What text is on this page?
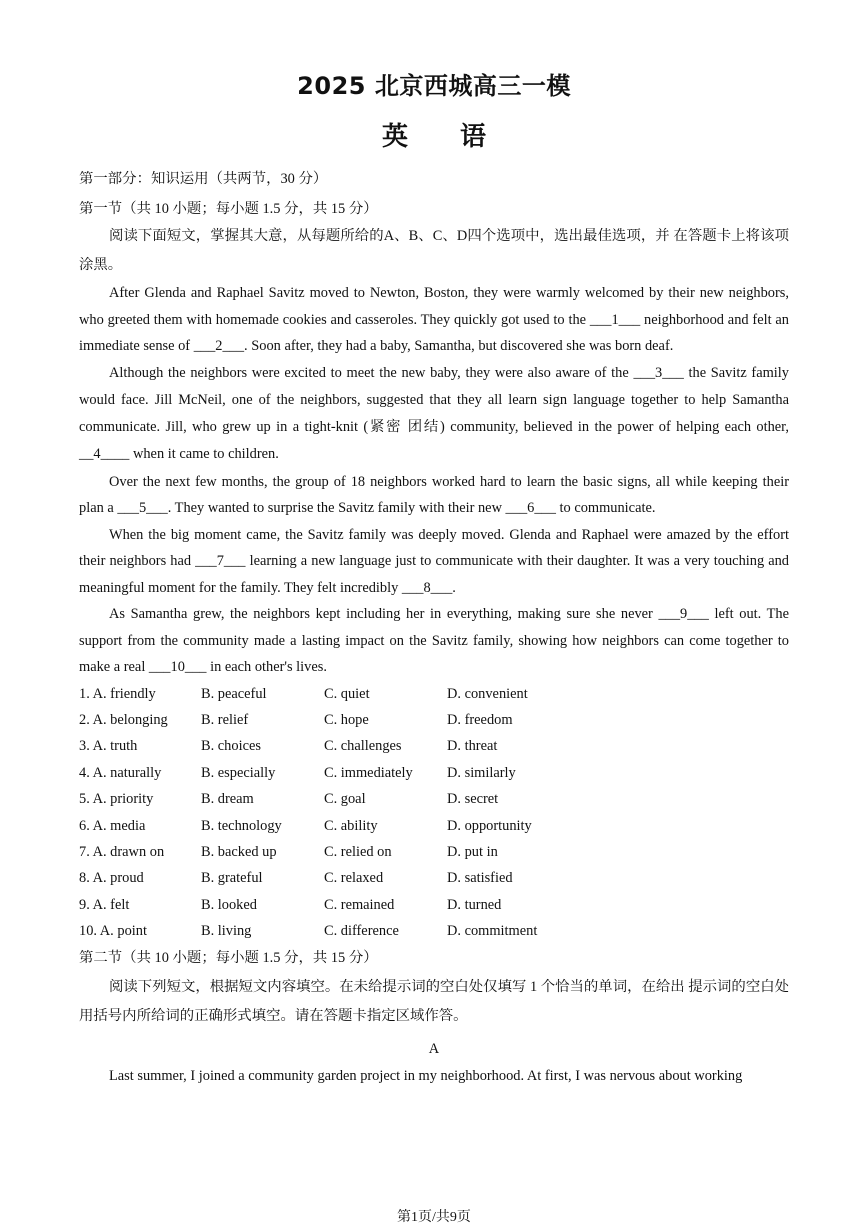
2025 北京西城高三一模
英语

第一部分：知识运用（共两节，30 分）

第一节（共 10 小题；每小题 1.5 分，共 15 分）

阅读下面短文，掌握其大意，从每题所给的A、B、C、D四个选项中，选出最佳选项，并 在答题卡上将该项涂黑。

After Glenda and Raphael Savitz moved to Newton, Boston, they were warmly welcomed by their new neighbors, who greeted them with homemade cookies and casseroles. They quickly got used to the ___1___ neighborhood and felt an immediate sense of ___2___. Soon after, they had a baby, Samantha, but discovered she was born deaf.

Although the neighbors were excited to meet the new baby, they were also aware of the ___3___ the Savitz family would face. Jill McNeil, one of the neighbors, suggested that they all learn sign language together to help Samantha communicate. Jill, who grew up in a tight-knit (紧密 团结) community, believed in the power of helping each other, __4____ when it came to children.

Over the next few months, the group of 18 neighbors worked hard to learn the basic signs, all while keeping their plan a ___5___. They wanted to surprise the Savitz family with their new ___6___ to communicate.

When the big moment came, the Savitz family was deeply moved. Glenda and Raphael were amazed by the effort their neighbors had ___7___ learning a new language just to communicate with their daughter. It was a very touching and meaningful moment for the family. They felt incredibly ___8___.

As Samantha grew, the neighbors kept including her in everything, making sure she never ___9___ left out. The support from the community made a lasting impact on the Savitz family, showing how neighbors can come together to make a real ___10___ in each other's lives.

1. A. friendly	B. peaceful	C. quiet	D. convenient
2. A. belonging	B. relief	C. hope	D. freedom
3. A. truth	B. choices	C. challenges	D. threat
4. A. naturally	B. especially	C. immediately	D. similarly
5. A. priority	B. dream	C. goal	D. secret
6. A. media	B. technology	C. ability	D. opportunity
7. A. drawn on	B. backed up	C. relied on	D. put in
8. A. proud	B. grateful	C. relaxed	D. satisfied
9. A. felt	B. looked	C. remained	D. turned
10. A. point	B. living	C. difference	D. commitment

第二节（共 10 小题；每小题 1.5 分，共 15 分）

阅读下列短文，根据短文内容填空。在未给提示词的空白处仅填写 1 个恰当的单词，在给出 提示词的空白处用括号内所给词的正确形式填空。请在答题卡指定区域作答。

A

Last summer, I joined a community garden project in my neighborhood. At first, I was nervous about working

第1页/共9页
